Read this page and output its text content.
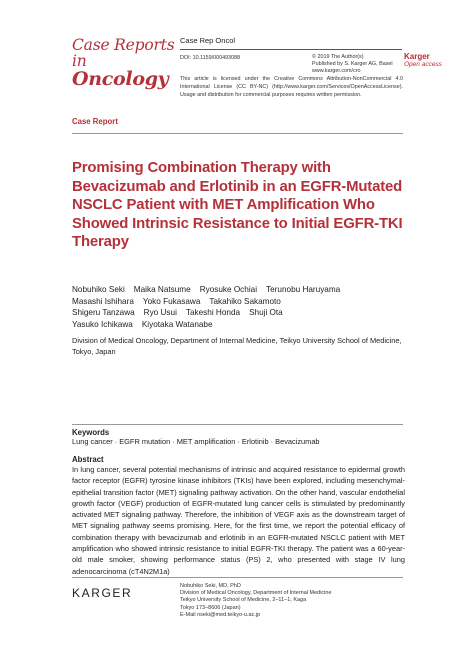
Case Reports in
Oncology
Case Rep Oncol
DOI: 10.1159/000493088	© 2019 The Author(s)
Published by S. Karger AG, Basel
www.karger.com/cro
Karger
Open access
This article is licensed under the Creative Commons Attribution-NonCommercial 4.0 International License (CC BY-NC) (http://www.karger.com/Services/OpenAccessLicense). Usage and distribution for commercial purposes requires written permission.
Case Report
Promising Combination Therapy with Bevacizumab and Erlotinib in an EGFR-Mutated NSCLC Patient with MET Amplification Who Showed Intrinsic Resistance to Initial EGFR-TKI Therapy
Nobuhiko Seki Maika Natsume Ryosuke Ochiai Terunobu Haruyama
Masashi Ishihara Yoko Fukasawa Takahiko Sakamoto
Shigeru Tanzawa Ryo Usui Takeshi Honda Shuji Ota
Yasuko Ichikawa Kiyotaka Watanabe
Division of Medical Oncology, Department of Internal Medicine, Teikyo University School of Medicine, Tokyo, Japan
Keywords
Lung cancer · EGFR mutation · MET amplification · Erlotinib · Bevacizumab
Abstract
In lung cancer, several potential mechanisms of intrinsic and acquired resistance to epidermal growth factor receptor (EGFR) tyrosine kinase inhibitors (TKIs) have been explored, including mesenchymal-epithelial transition factor (MET) signaling pathway activation. On the other hand, vascular endothelial growth factor (VEGF) production of EGFR-mutated lung cancer cells is stimulated by predominantly activated MET signaling pathway. Therefore, the inhibition of VEGF axis as the downstream target of MET signaling pathway seems promising. Here, for the first time, we report the potential efficacy of combination therapy with bevacizumab and erlotinib in an EGFR-mutated NSCLC patient with MET amplification who showed intrinsic resistance to initial EGFR-TKI therapy. The patient was a 60-year-old male smoker, showing performance status (PS) 2, who presented with stage IV lung adenocarcinoma (cT4N2M1a)
KARGER	Nobuhiko Seki, MD, PhD
Division of Medical Oncology, Department of Internal Medicine
Teikyo University School of Medicine, 2–11–1, Kaga
Tokyo 173–8606 (Japan)
E-Mail nseki@med.teikyo-u.ac.jp
